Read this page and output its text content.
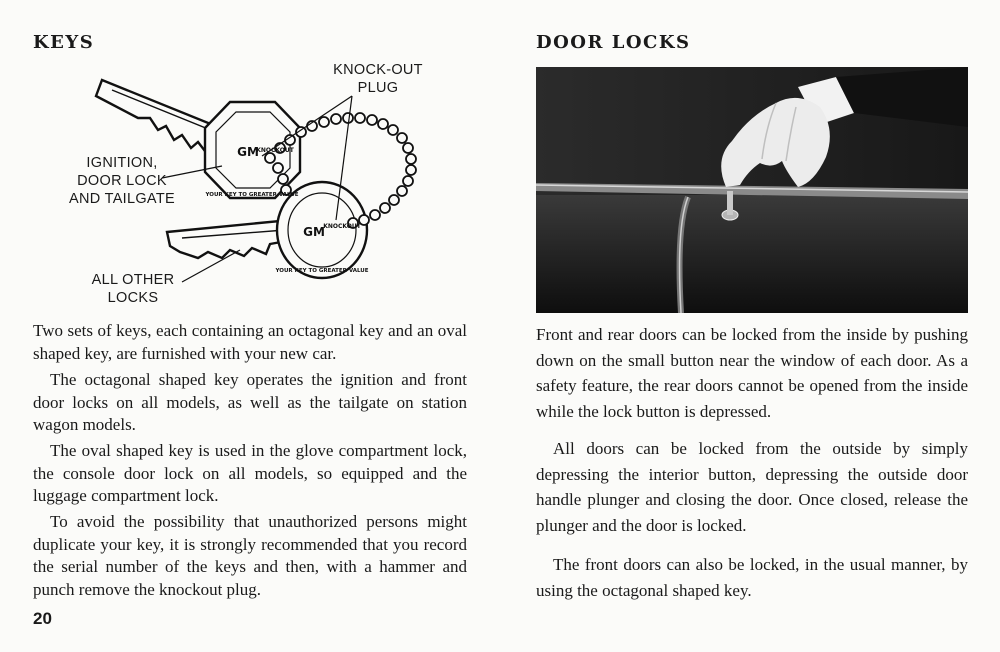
KEYS
GM
GM
KNOCKOUT
KNOCKOUT
YOUR KEY TO GREATER VALUE
YOUR KEY TO GREATER VALUE
KNOCK-OUT
PLUG
IGNITION,
DOOR LOCK
AND TAILGATE
ALL OTHER
LOCKS

Two sets of keys, each containing an octagonal key and an oval shaped key, are furnished with your new car.

The octagonal shaped key operates the ignition and front door locks on all models, as well as the tailgate on station wagon models.

The oval shaped key is used in the glove compartment lock, the console door lock on all models, so equipped and the luggage compartment lock.

To avoid the possibility that unauthorized persons might duplicate your key, it is strongly recommended that you record the serial number of the keys and then, with a hammer and punch remove the knockout plug.

20
DOOR LOCKS

Front and rear doors can be locked from the inside by pushing down on the small button near the window of each door. As a safety feature, the rear doors cannot be opened from the inside while the lock button is depressed.

All doors can be locked from the outside by simply depressing the interior button, depressing the outside door handle plunger and closing the door. Once closed, release the plunger and the door is locked.

The front doors can also be locked, in the usual manner, by using the octagonal shaped key.
